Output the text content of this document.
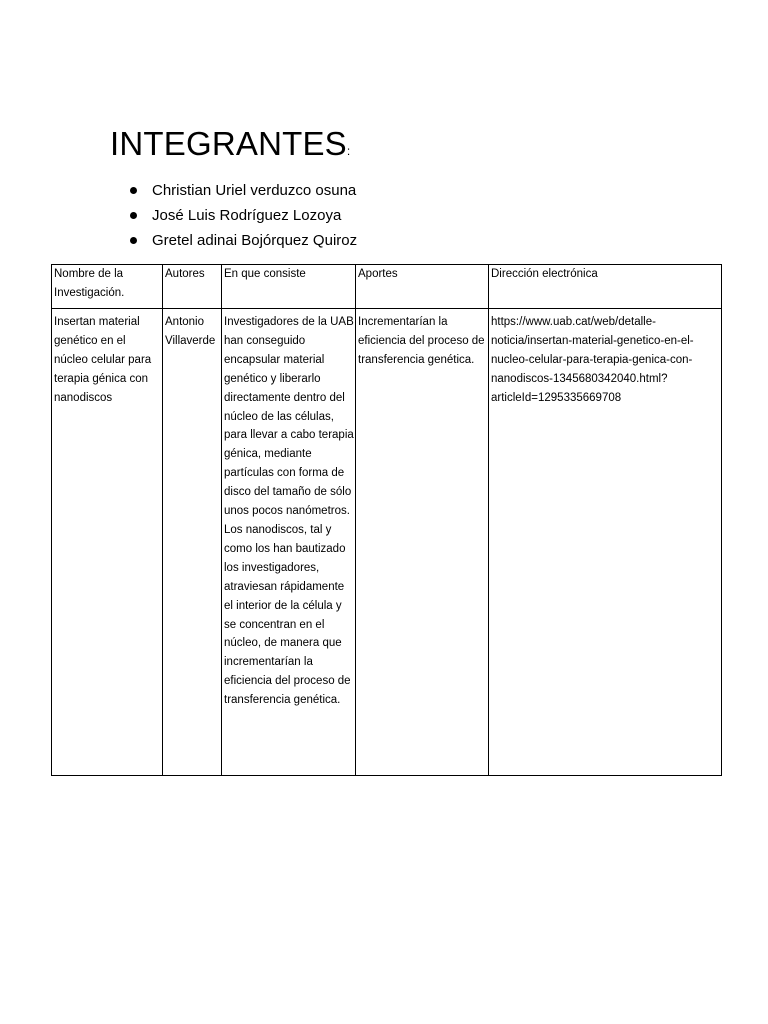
INTEGRANTES:
Christian Uriel verduzco osuna
José Luis Rodríguez Lozoya
Gretel adinai Bojórquez Quiroz
Nombre de la Investigación.	Autores	En que consiste	Aportes	Dirección electrónica
Insertan material genético en el núcleo celular para terapia génica con nanodiscos	Antonio Villaverde	Investigadores de la UAB han conseguido encapsular material genético y liberarlo directamente dentro del núcleo de las células, para llevar a cabo terapia génica, mediante partículas con forma de disco del tamaño de sólo unos pocos nanómetros. Los nanodiscos, tal y como los han bautizado los investigadores, atraviesan rápidamente el interior de la célula y se concentran en el núcleo, de manera que incrementarían la eficiencia del proceso de transferencia genética.	Incrementarían la eficiencia del proceso de transferencia genética.	https://www.uab.cat/web/detalle-noticia/insertan-material-genetico-en-el-nucleo-celular-para-terapia-genica-con-nanodiscos-1345680342040.html?articleId=1295335669708
